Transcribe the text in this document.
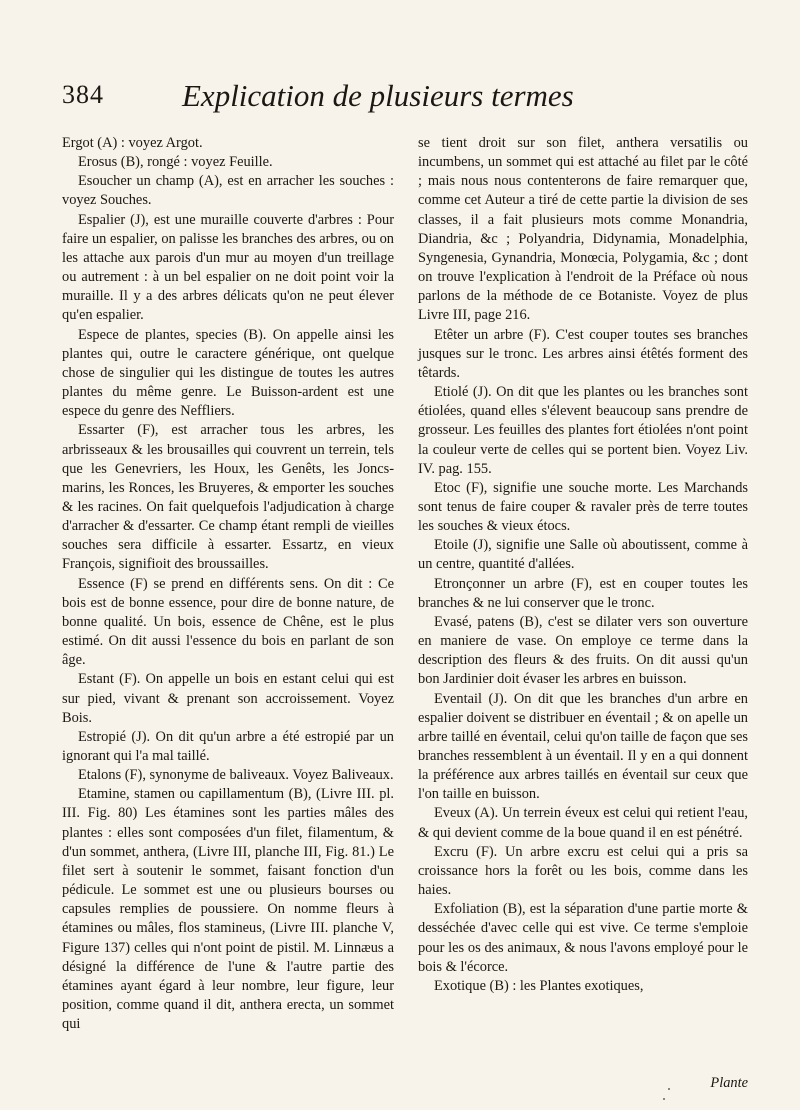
384	Explication de plusieurs termes

Ergot (A) : voyez Argot.

Erosus (B), rongé : voyez Feuille.

Esoucher un champ (A), est en arracher les souches : voyez Souches.

Espalier (J), est une muraille couverte d'arbres : Pour faire un espalier, on palisse les branches des arbres, ou on les attache aux parois d'un mur au moyen d'un treillage ou autrement : à un bel espalier on ne doit point voir la muraille. Il y a des arbres délicats qu'on ne peut élever qu'en espalier.

Espece de plantes, species (B). On appelle ainsi les plantes qui, outre le caractere générique, ont quelque chose de singulier qui les distingue de toutes les autres plantes du même genre. Le Buisson-ardent est une espece du genre des Neffliers.

Essarter (F), est arracher tous les arbres, les arbrisseaux & les brousailles qui couvrent un terrein, tels que les Genevriers, les Houx, les Genêts, les Joncs-marins, les Ronces, les Bruyeres, & emporter les souches & les racines. On fait quelquefois l'adjudication à charge d'arracher & d'essarter. Ce champ étant rempli de vieilles souches sera difficile à essarter. Essartz, en vieux François, signifioit des broussailles.

Essence (F) se prend en différents sens. On dit : Ce bois est de bonne essence, pour dire de bonne nature, de bonne qualité. Un bois, essence de Chêne, est le plus estimé. On dit aussi l'essence du bois en parlant de son âge.

Estant (F). On appelle un bois en estant celui qui est sur pied, vivant & prenant son accroissement. Voyez Bois.

Estropié (J). On dit qu'un arbre a été estropié par un ignorant qui l'a mal taillé.

Etalons (F), synonyme de baliveaux. Voyez Baliveaux.

Etamine, stamen ou capillamentum (B), (Livre III. pl. III. Fig. 80) Les étamines sont les parties mâles des plantes : elles sont composées d'un filet, filamentum, & d'un sommet, anthera, (Livre III, planche III, Fig. 81.) Le filet sert à soutenir le sommet, faisant fonction d'un pédicule. Le sommet est une ou plusieurs bourses ou capsules remplies de poussiere. On nomme fleurs à étamines ou mâles, flos stamineus, (Livre III. planche V, Figure 137) celles qui n'ont point de pistil. M. Linnæus a désigné la différence de l'une & l'autre partie des étamines ayant égard à leur nombre, leur figure, leur position, comme quand il dit, anthera erecta, un sommet qui

se tient droit sur son filet, anthera versatilis ou incumbens, un sommet qui est attaché au filet par le côté ; mais nous nous contenterons de faire remarquer que, comme cet Auteur a tiré de cette partie la division de ses classes, il a fait plusieurs mots comme Monandria, Diandria, &c ; Polyandria, Didynamia, Monadelphia, Syngenesia, Gynandria, Monœcia, Polygamia, &c ; dont on trouve l'explication à l'endroit de la Préface où nous parlons de la méthode de ce Botaniste. Voyez de plus Livre III, page 216.

Etêter un arbre (F). C'est couper toutes ses branches jusques sur le tronc. Les arbres ainsi étêtés forment des têtards.

Etiolé (J). On dit que les plantes ou les branches sont étiolées, quand elles s'élevent beaucoup sans prendre de grosseur. Les feuilles des plantes fort étiolées n'ont point la couleur verte de celles qui se portent bien. Voyez Liv. IV. pag. 155.

Etoc (F), signifie une souche morte. Les Marchands sont tenus de faire couper & ravaler près de terre toutes les souches & vieux étocs.

Etoile (J), signifie une Salle où aboutissent, comme à un centre, quantité d'allées.

Etronçonner un arbre (F), est en couper toutes les branches & ne lui conserver que le tronc.

Evasé, patens (B), c'est se dilater vers son ouverture en maniere de vase. On employe ce terme dans la description des fleurs & des fruits. On dit aussi qu'un bon Jardinier doit évaser les arbres en buisson.

Eventail (J). On dit que les branches d'un arbre en espalier doivent se distribuer en éventail ; & on apelle un arbre taillé en éventail, celui qu'on taille de façon que ses branches ressemblent à un éventail. Il y en a qui donnent la préférence aux arbres taillés en éventail sur ceux que l'on taille en buisson.

Eveux (A). Un terrein éveux est celui qui retient l'eau, & qui devient comme de la boue quand il en est pénétré.

Excru (F). Un arbre excru est celui qui a pris sa croissance hors la forêt ou les bois, comme dans les haies.

Exfoliation (B), est la séparation d'une partie morte & desséchée d'avec celle qui est vive. Ce terme s'emploie pour les os des animaux, & nous l'avons employé pour le bois & l'écorce.

Exotique (B) : les Plantes exotiques,

Plante
